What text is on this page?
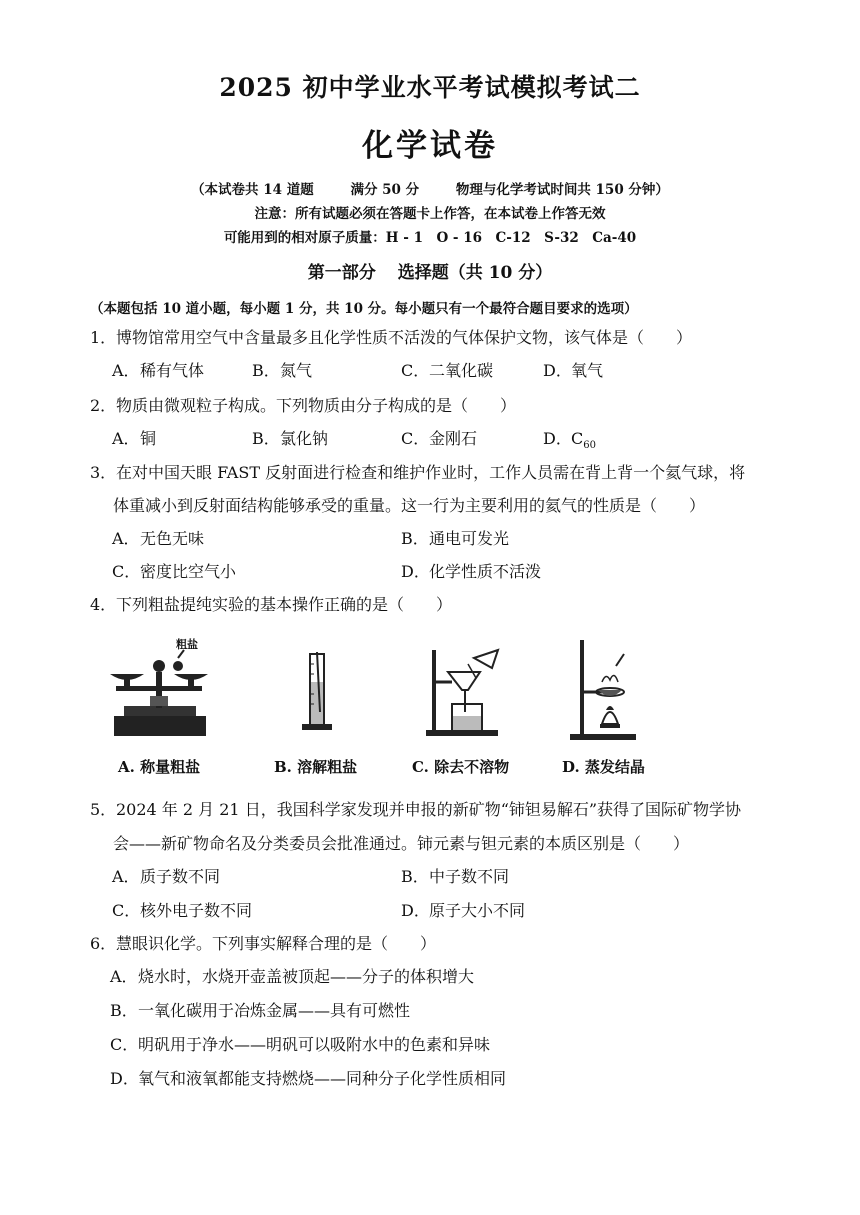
2025 初中学业水平考试模拟考试二
化学试卷
（本试卷共 14 道题	满分 50 分	物理与化学考试时间共 150 分钟）
注意：所有试题必须在答题卡上作答，在本试卷上作答无效
可能用到的相对原子质量：H - 1　O - 16　C-12　S-32　Ca-40
第一部分 选择题（共 10 分）
（本题包括 10 道小题，每小题 1 分，共 10 分。每小题只有一个最符合题目要求的选项）
1．博物馆常用空气中含量最多且化学性质不活泼的气体保护文物，该气体是（　　）
A．稀有气体	B．氮气	C．二氧化碳	D．氧气
2．物质由微观粒子构成。下列物质由分子构成的是（　　）
A．铜	B．氯化钠	C．金刚石	D．$C_{60}$
3．在对中国天眼 FAST 反射面进行检查和维护作业时，工作人员需在背上背一个氦气球，将
体重减小到反射面结构能够承受的重量。这一行为主要利用的氦气的性质是（　　）
A．无色无味	B．通电可发光
C．密度比空气小	D．化学性质不活泼
4．下列粗盐提纯实验的基本操作正确的是（　　）
粗盐
A. 称量粗盐	B. 溶解粗盐	C. 除去不溶物	D. 蒸发结晶
5．2024 年 2 月 21 日，我国科学家发现并申报的新矿物“铈钽易解石”获得了国际矿物学协
会——新矿物命名及分类委员会批准通过。铈元素与钽元素的本质区别是（　　）
A．质子数不同	B．中子数不同
C．核外电子数不同	D．原子大小不同
6．慧眼识化学。下列事实解释合理的是（　　）
A．烧水时，水烧开壶盖被顶起——分子的体积增大
B．一氧化碳用于冶炼金属——具有可燃性
C．明矾用于净水——明矾可以吸附水中的色素和异味
D．氧气和液氧都能支持燃烧——同种分子化学性质相同
